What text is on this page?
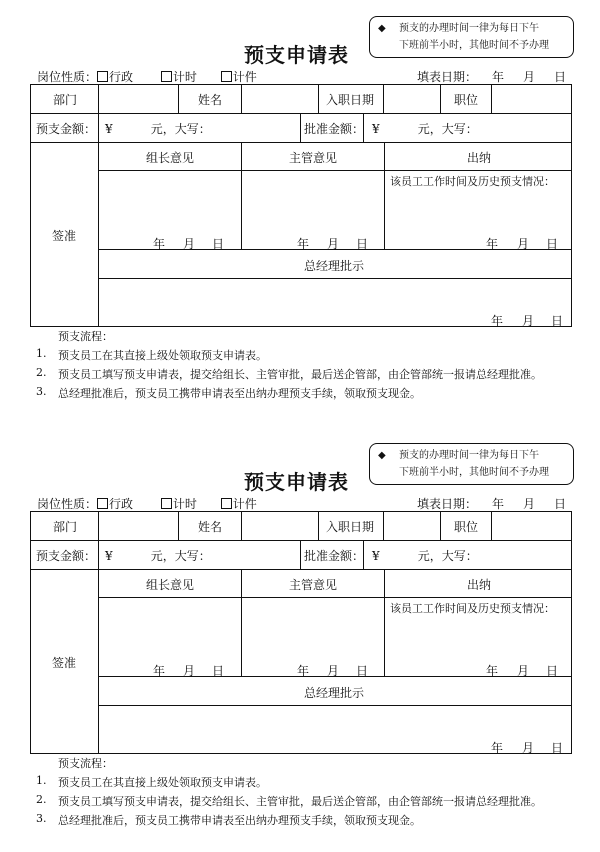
◆ 预支的办理时间一律为每日下午
下班前半小时，其他时间不予办理
预支申请表
岗位性质： 行政	计时	计件	填表日期： 年 月 日
部门	姓名	入职日期	职位
预支金额： ¥          元，大写：	批准金额： ¥          元，大写：
签准
组长意见	主管意见	出纳
该员工工作时间及历史预支情况：
年 月 日	年 月 日	年 月 日
总经理批示
年 月 日
预支流程：
1. 预支员工在其直接上级处领取预支申请表。
2. 预支员工填写预支申请表，提交给组长、主管审批，最后送企管部，由企管部统一报请总经理批准。
3. 总经理批准后，预支员工携带申请表至出纳办理预支手续，领取预支现金。
◆ 预支的办理时间一律为每日下午
下班前半小时，其他时间不予办理
预支申请表
岗位性质： 行政	计时	计件	填表日期： 年 月 日
部门	姓名	入职日期	职位
预支金额： ¥          元，大写：	批准金额： ¥          元，大写：
签准
组长意见	主管意见	出纳
该员工工作时间及历史预支情况：
年 月 日	年 月 日	年 月 日
总经理批示
年 月 日
预支流程：
1. 预支员工在其直接上级处领取预支申请表。
2. 预支员工填写预支申请表，提交给组长、主管审批，最后送企管部，由企管部统一报请总经理批准。
3. 总经理批准后，预支员工携带申请表至出纳办理预支手续，领取预支现金。
